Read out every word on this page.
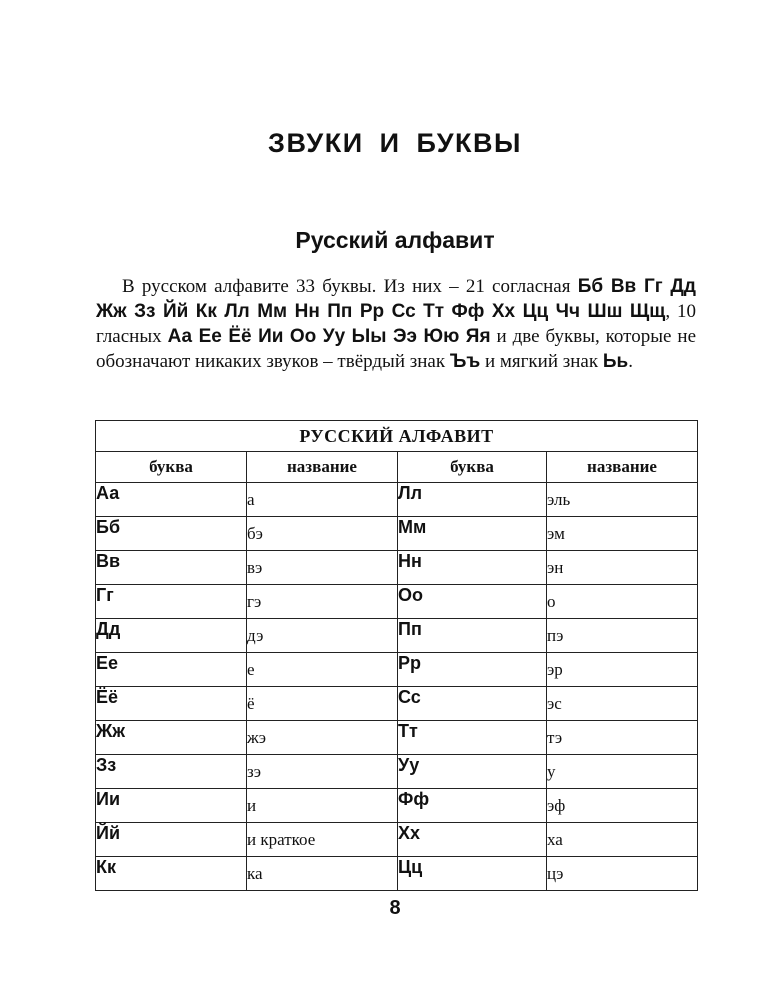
ЗВУКИ И БУКВЫ
Русский алфавит
В русском алфавите 33 буквы. Из них – 21 согласная Бб Вв Гг Дд Жж Зз Йй Кк Лл Мм Нн Пп Рр Сс Тт Фф Хх Цц Чч Шш Щщ, 10 гласных Аа Ее Ёё Ии Оо Уу Ыы Ээ Юю Яя и две буквы, которые не обозначают никаких звуков – твёрдый знак Ъъ и мягкий знак Ьь.
РУССКИЙ АЛФАВИТ			
буква	название	буква	название
Аа	а	Лл	эль
Бб	бэ	Мм	эм
Вв	вэ	Нн	эн
Гг	гэ	Оо	о
Дд	дэ	Пп	пэ
Ее	е	Рр	эр
Ёё	ё	Сс	эс
Жж	жэ	Тт	тэ
Зз	зэ	Уу	у
Ии	и	Фф	эф
Йй	и краткое	Хх	ха
Кк	ка	Цц	цэ
8
